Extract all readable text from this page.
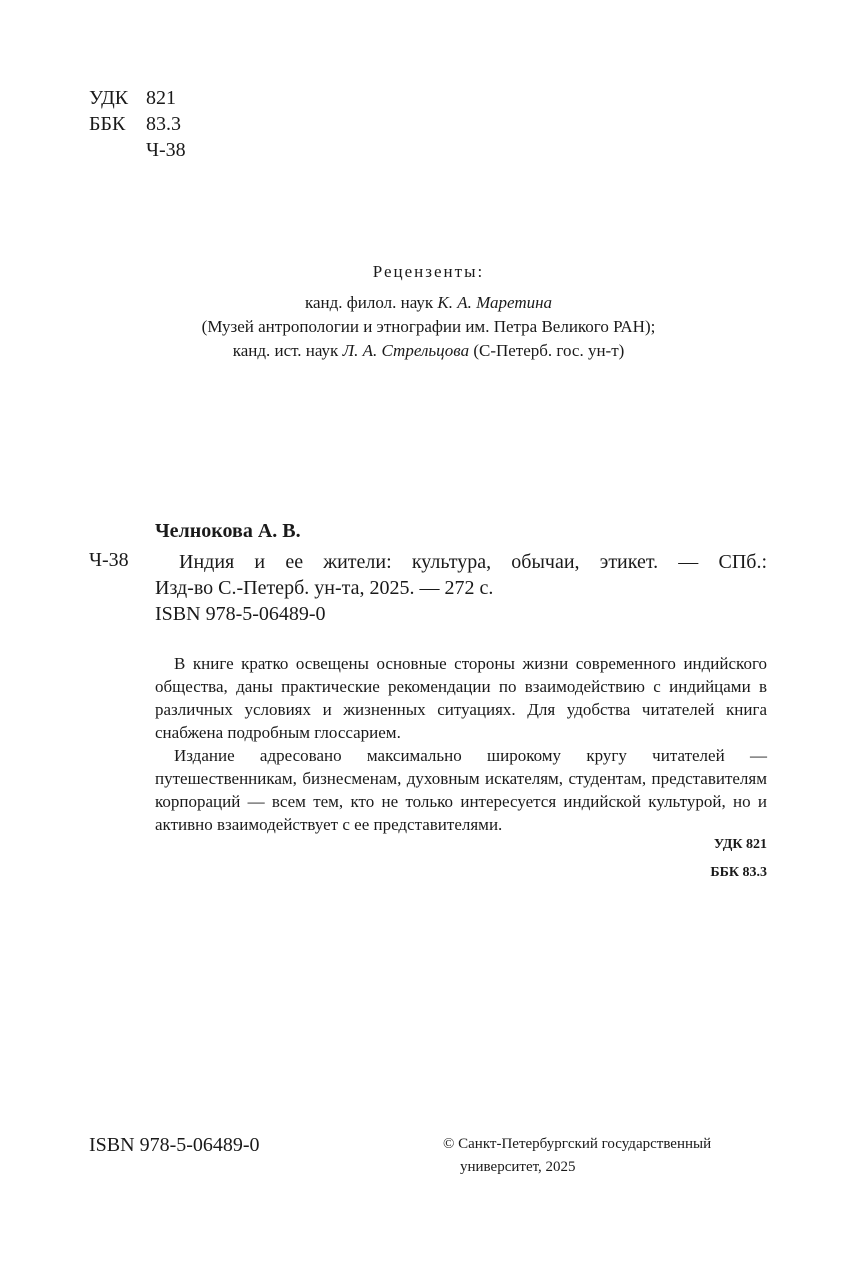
УДК 821
ББК	83.3
Ч-38
Рецензенты:
канд. филол. наук К. А. Маретина
(Музей антропологии и этнографии им. Петра Великого РАН);
канд. ист. наук Л. А. Стрельцова (С-Петерб. гос. ун-т)
Челнокова А. В.
Ч-38	Индия и ее жители: культура, обычаи, этикет. — СПб.:
Изд-во С.-Петерб. ун-та, 2025. — 272 с.
ISBN 978-5-06489-0

В книге кратко освещены основные стороны жизни современного индийского общества, даны практические рекомендации по взаимодействию с индийцами в различных условиях и жизненных ситуациях. Для удобства читателей книга снабжена подробным глоссарием.

Издание адресовано максимально широкому кругу читателей — путешественникам, бизнесменам, духовным искателям, студентам, представителям корпораций — всем тем, кто не только интересуется индийской культурой, но и активно взаимодействует с ее представителями.

УДК 821
ББК 83.3
ISBN 978-5-06489-0	© Санкт-Петербургский государственный
университет, 2025
